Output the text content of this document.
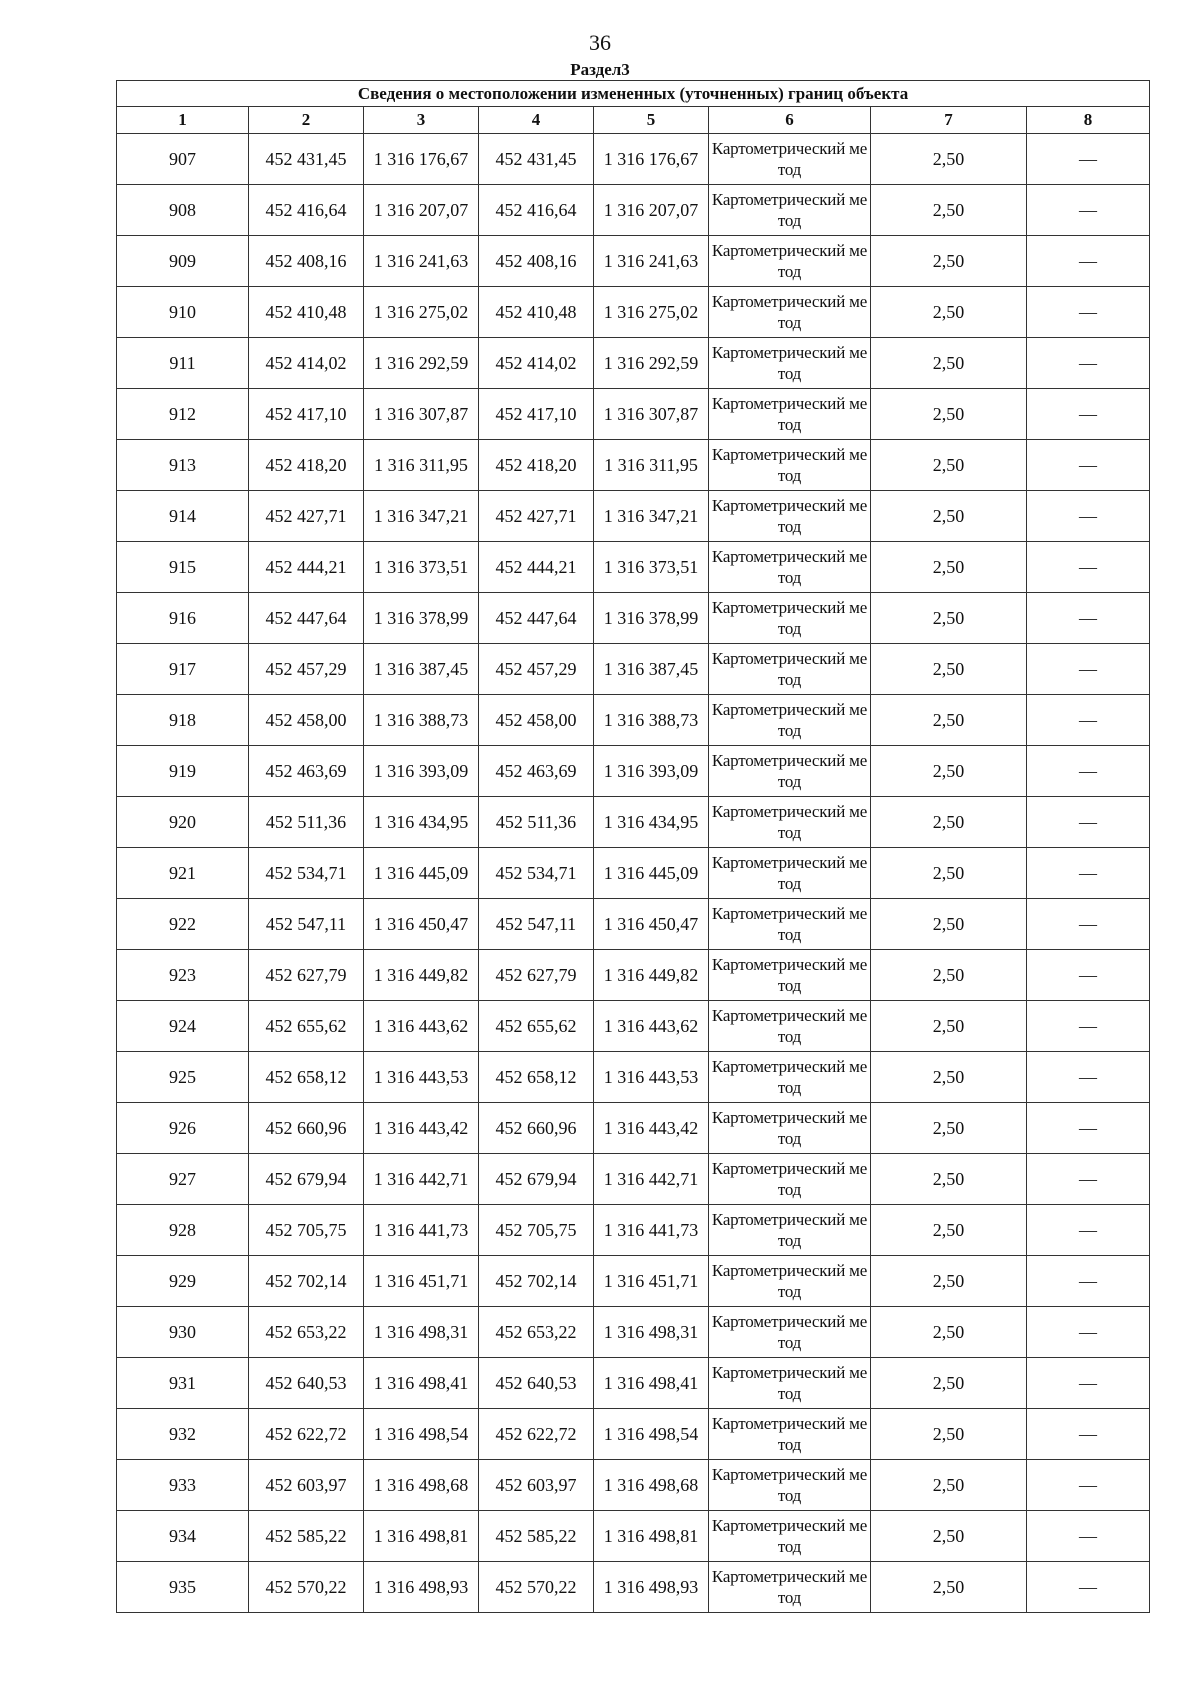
36
Раздел3
Сведения о местоположении измененных (уточненных) границ объекта							
1	2	3	4	5	6	7	8
907	452 431,45	1 316 176,67	452 431,45	1 316 176,67	Картометрический метод	2,50	—
908	452 416,64	1 316 207,07	452 416,64	1 316 207,07	Картометрический метод	2,50	—
909	452 408,16	1 316 241,63	452 408,16	1 316 241,63	Картометрический метод	2,50	—
910	452 410,48	1 316 275,02	452 410,48	1 316 275,02	Картометрический метод	2,50	—
911	452 414,02	1 316 292,59	452 414,02	1 316 292,59	Картометрический метод	2,50	—
912	452 417,10	1 316 307,87	452 417,10	1 316 307,87	Картометрический метод	2,50	—
913	452 418,20	1 316 311,95	452 418,20	1 316 311,95	Картометрический метод	2,50	—
914	452 427,71	1 316 347,21	452 427,71	1 316 347,21	Картометрический метод	2,50	—
915	452 444,21	1 316 373,51	452 444,21	1 316 373,51	Картометрический метод	2,50	—
916	452 447,64	1 316 378,99	452 447,64	1 316 378,99	Картометрический метод	2,50	—
917	452 457,29	1 316 387,45	452 457,29	1 316 387,45	Картометрический метод	2,50	—
918	452 458,00	1 316 388,73	452 458,00	1 316 388,73	Картометрический метод	2,50	—
919	452 463,69	1 316 393,09	452 463,69	1 316 393,09	Картометрический метод	2,50	—
920	452 511,36	1 316 434,95	452 511,36	1 316 434,95	Картометрический метод	2,50	—
921	452 534,71	1 316 445,09	452 534,71	1 316 445,09	Картометрический метод	2,50	—
922	452 547,11	1 316 450,47	452 547,11	1 316 450,47	Картометрический метод	2,50	—
923	452 627,79	1 316 449,82	452 627,79	1 316 449,82	Картометрический метод	2,50	—
924	452 655,62	1 316 443,62	452 655,62	1 316 443,62	Картометрический метод	2,50	—
925	452 658,12	1 316 443,53	452 658,12	1 316 443,53	Картометрический метод	2,50	—
926	452 660,96	1 316 443,42	452 660,96	1 316 443,42	Картометрический метод	2,50	—
927	452 679,94	1 316 442,71	452 679,94	1 316 442,71	Картометрический метод	2,50	—
928	452 705,75	1 316 441,73	452 705,75	1 316 441,73	Картометрический метод	2,50	—
929	452 702,14	1 316 451,71	452 702,14	1 316 451,71	Картометрический метод	2,50	—
930	452 653,22	1 316 498,31	452 653,22	1 316 498,31	Картометрический метод	2,50	—
931	452 640,53	1 316 498,41	452 640,53	1 316 498,41	Картометрический метод	2,50	—
932	452 622,72	1 316 498,54	452 622,72	1 316 498,54	Картометрический метод	2,50	—
933	452 603,97	1 316 498,68	452 603,97	1 316 498,68	Картометрический метод	2,50	—
934	452 585,22	1 316 498,81	452 585,22	1 316 498,81	Картометрический метод	2,50	—
935	452 570,22	1 316 498,93	452 570,22	1 316 498,93	Картометрический метод	2,50	—
